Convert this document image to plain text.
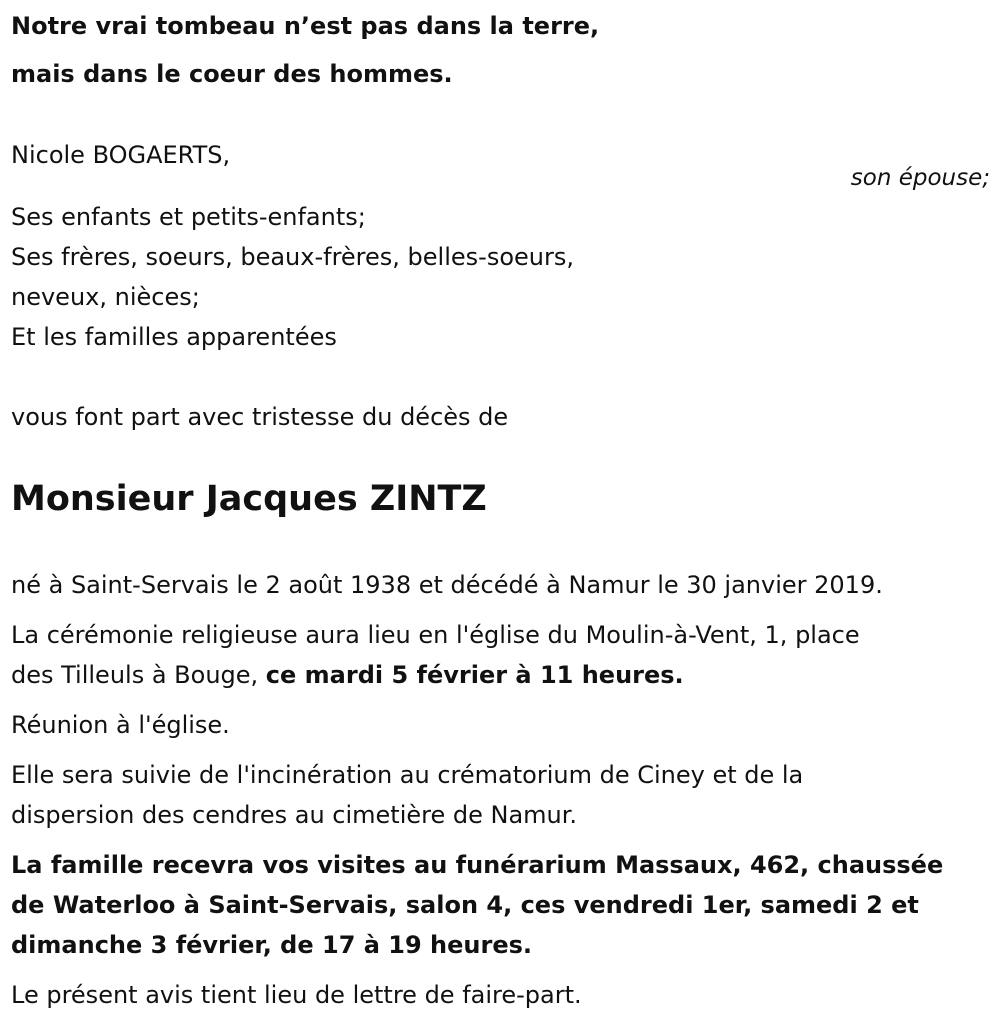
Notre vrai tombeau n’est pas dans la terre,
mais dans le coeur des hommes.
Nicole BOGAERTS,
son épouse;
Ses enfants et petits-enfants;
Ses frères, soeurs, beaux-frères, belles-soeurs,
neveux, nièces;
Et les familles apparentées
vous font part avec tristesse du décès de
Monsieur Jacques ZINTZ
né à Saint-Servais le 2 août 1938 et décédé à Namur le 30 janvier 2019.
La cérémonie religieuse aura lieu en l'église du Moulin-à-Vent, 1, place
des Tilleuls à Bouge, ce mardi 5 février à 11 heures.
Réunion à l'église.
Elle sera suivie de l'incinération au crématorium de Ciney et de la
dispersion des cendres au cimetière de Namur.
La famille recevra vos visites au funérarium Massaux, 462, chaussée
de Waterloo à Saint-Servais, salon 4, ces vendredi 1er, samedi 2 et
dimanche 3 février, de 17 à 19 heures.
Le présent avis tient lieu de lettre de faire-part.
